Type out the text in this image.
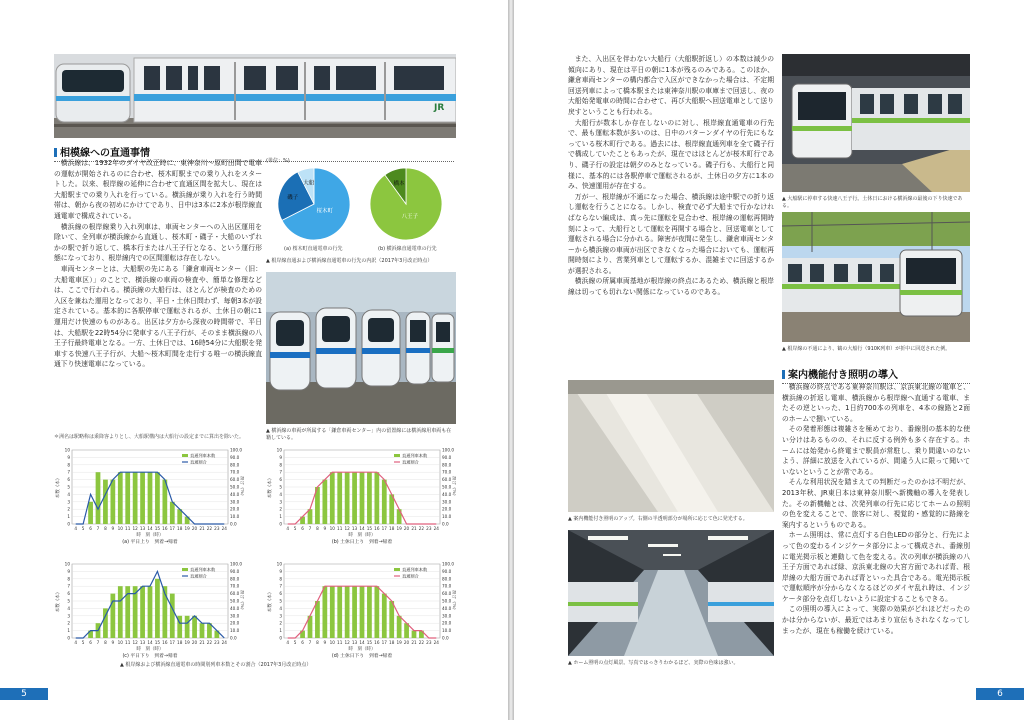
JR
相模線への直通事情

横浜線は、1932年のダイヤ改正時に、東神奈川〜原町田間で電車の運転が開始されるのに合わせ、桜木町駅までの乗り入れをスタートした。以来、根岸線の延伸に合わせて直通区間を拡大し、現在は大船駅までの乗り入れを行っている。横浜線が乗り入れを行う時間帯は、朝から夜の初めにかけてであり、日中は3本に2本が根岸線直通電車で構成されている。

横浜線の根岸線乗り入れ列車は、車両センターへの入出区運用を除いて、全列車が横浜線から直通し、桜木町・磯子・大船のいずれかの駅で折り返して、橋本行または八王子行となる、という運行形態になっており、根岸線内での区間運転は存在しない。

車両センターとは、大船駅の先にある「鎌倉車両センター（旧：大船電車区）」のことで、横浜線の車両の検査や、簡単な修理などは、ここで行われる。横浜線の大船行は、ほとんどが検査のための入区を兼ねた運用となっており、平日・土休日問わず、毎朝3本が設定されている。基本的に各駅停車で運転されるが、土休日の朝に1運用だけ快速のものがある。出区は夕方から深夜の時間帯で、平日は、大船駅を22時54分に発車する八王子行が、そのまま横浜線の八王子行最終電車となる。一方、土休日では、16時54分に大船駅を発車する快速八王子行が、大船〜桜木町間を走行する唯一の横浜線直通下り快速電車になっている。

＊洲名は駅略称は乗降客よりとし、大船駅構内は大船行の設定までに算出を除いた。
桜木町
磯子
大船
八王子
橋本
(単位：%)
(a) 桜木町直通電車の行先	(b) 横浜線直通電車の行先
▲ 根岸線直通および横浜線直通電車の行先の内訳（2017年3月改正時点）
▲ 横浜線の車両が所属する「鎌倉車両センター」内の留置線には横浜線用車両も在籍している。
0	0.0
1	10.0
2	20.0
3	30.0
4	40.0
5	50.0
6	60.0
7	70.0
8	80.0
9	90.0
10	100.0
4 5 6 7 8 9 10 11 12 13 14 15 16 17 18 19 20 21 22 23 24
時　刻（時）
(a) 平日上り　到着→帰着
本数（本）	割合（%）
直通列車本数
直通割合
0	0.0
1	10.0
2	20.0
3	30.0
4	40.0
5	50.0
6	60.0
7	70.0
8	80.0
9	90.0
10	100.0
4 5 6 7 8 9 10 11 12 13 14 15 16 17 18 19 20 21 22 23 24
時　刻（時）
(b) 土休日上り　到着→帰着
本数（本）	割合（%）
直通列車本数
直通割合
0	0.0
1	10.0
2	20.0
3	30.0
4	40.0
5	50.0
6	60.0
7	70.0
8	80.0
9	90.0
10	100.0
4 5 6 7 8 9 10 11 12 13 14 15 16 17 18 19 20 21 22 23 24
時　刻（時）
(c) 平日下り　到着→帰着
本数（本）	割合（%）
直通列車本数
直通割合
0	0.0
1	10.0
2	20.0
3	30.0
4	40.0
5	50.0
6	60.0
7	70.0
8	80.0
9	90.0
10	100.0
4 5 6 7 8 9 10 11 12 13 14 15 16 17 18 19 20 21 22 23 24
時　刻（時）
(d) 土休日下り　到着→帰着
本数（本）	割合（%）
直通列車本数
直通割合
▲ 根岸線および横浜線直通電車の時間別列車本数とその割合（2017年3月改正時点）
5

また、入出区を伴わない大船行（大船駅折返し）の本数は減少の傾向にあり、現在は平日の朝に1本が残るのみである。このほか、鎌倉車両センターの構内都合で入区ができなかった場合は、不定期回送列車によって橋本駅または東神奈川駅の車庫まで回送し、夜の大船始発電車の時間に合わせて、再び大船駅へ回送電車として送り戻すということも行われる。

大船行が数本しか存在しないのに対し、根岸線直通電車の行先で、最も運転本数が多いのは、日中のパターンダイヤの行先にもなっている桜木町行である。過去には、根岸線直通列車を全て磯子行で構成していたこともあったが、現在ではほとんどが桜木町行であり、磯子行の設定は朝夕のみとなっている。磯子行も、大船行と同様に、基本的には各駅停車で運転されるが、土休日の夕方に1本のみ、快速運用が存在する。

万が一、根岸線が不通になった場合、横浜線は途中駅での折り返し運転を行うことになる。しかし、検査で必ず大船まで行かなければならない編成は、真っ先に運転を見合わせ、根岸線の運転再開時刻によって、大船行として運転を再開する場合と、回送電車として運転される場合に分かれる。障害が夜間に発生し、鎌倉車両センターから横浜線の車両が出区できなくなった場合においても、運転再開時刻により、営業列車として運転するか、混雑までに回送するかが選択される。

横浜線の所属車両基地が根岸線の終点にあるため、横浜線と根岸線は切っても切れない関係になっているのである。

▲ 大船駅に停車する快速八王子行。土休日における横浜線の最後の下り快速である。
▲ 根岸線の不通により、鶴の大船行（910K列車）が折中に回送された例。
案内機能付き照明の導入
▲ 案内機能付き照明のアップ。右側の半透明部分が場所に応じて色に発光する。
▲ ホーム照明の点灯風景。写真ではっきりわかるほど、実際の色味は強い。

横浜線の終点である東神奈川駅は、京浜東北線の電車と、横浜線の折返し電車、横浜線から根岸線へ直通する電車、またその逆といった、1日約700本の列車を、4本の線路と2面のホームで捌いている。

その発着形態は複雑さを極めており、番線別の基本的な使い分けはあるものの、それに反する例外も多く存在する。ホームには始発から終電まで駅員が常駐し、乗り間違いのないよう、詳細に放送を入れているが、間違う人に限って聞いていないということが常である。

そんな利用状況を踏まえての判断だったのかは不明だが、2013年秋、JR東日本は東神奈川駅へ新機軸の導入を発表した。その新機軸とは、次発列車の行先に応じてホームの照明の色を変えることで、旅客に対し、視覚的・感覚的に路線を案内するというものである。

ホーム照明は、常に点灯する白色LEDの部分と、行先によって色の変わるインジケータ部分によって構成され、番線別に電光掲示板と連動して色を変える。次の列車が横浜線の八王子方面であれば緑、京浜東北線の大宮方面であれば青、根岸線の大船方面であれば青といった具合である。電光掲示板で運転順序が分からなくなるほどのダイヤ乱れ時は、インジケータ部分を点灯しないように設定することもできる。

この照明の導入によって、実際の効果がどれほどだったのかは分からないが、最近ではあまり宣伝もされなくなってしまったが、現在も稼働を続けている。

6
